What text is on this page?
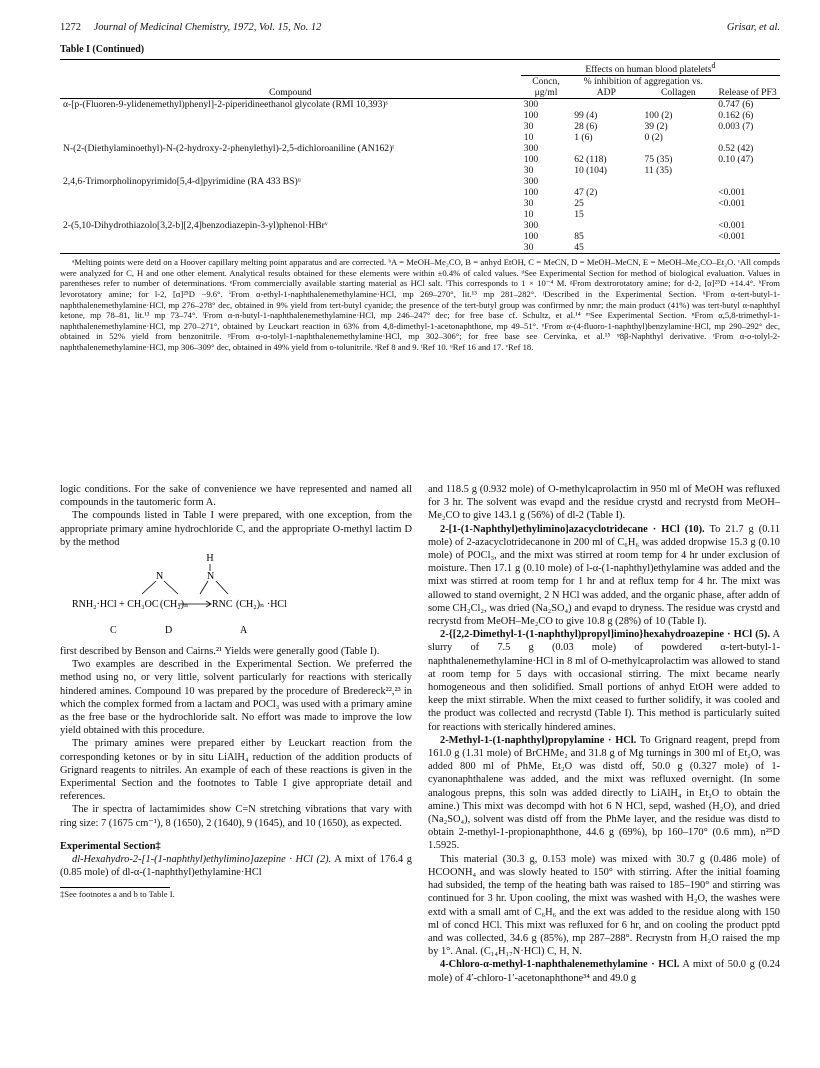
1272 Journal of Medicinal Chemistry, 1972, Vol. 15, No. 12	Grisar, et al.
Table I (Continued)
Compound	Effects on human blood platelets$^d$
	Concn, μg/ml	% inhibition of aggregation vs.		Release of PF3
		ADP	Collagen	
α-[p-(Fluoren-9-ylidenemethyl)phenyl]-2-piperidineethanol glycolate (RMI 10,393)ˢ	300			0.747 (6)
	100	99 (4)	100 (2)	0.162 (6)
	30	28 (6)	39 (2)	0.003 (7)
	10	1 (6)	0 (2)	
N-(2-(Diethylaminoethyl)-N-(2-hydroxy-2-phenylethyl)-2,5-dichloroaniline (AN162)ᵗ	300			0.52 (42)
	100	62 (118)	75 (35)	0.10 (47)
	30	10 (104)	11 (35)	
2,4,6-Trimorpholinopyrimido[5,4-d]pyrimidine (RA 433 BS)ᵘ	300			
	100	47 (2)		<0.001
	30	25		<0.001
	10	15		
2-(5,10-Dihydrothiazolo[3,2-b][2,4]benzodiazepin-3-yl)phenol·HBrᵛ	300			<0.001
	100	85		<0.001
	30	45		
ᵃMelting points were detd on a Hoover capillary melting point apparatus and are corrected. ᵇA = MeOH–Me₂CO, B = anhyd EtOH, C = MeCN, D = MeOH–MeCN, E = MeOH–Me₂CO–Et₂O. ᶜAll compds were analyzed for C, H and one other element. Analytical results obtained for these elements were within ±0.4% of calcd values. ᵈSee Experimental Section for method of biological evaluation. Values in parentheses refer to number of determinations. ᵉFrom commercially available starting material as HCl salt. ᶠThis corresponds to 1 × 10⁻⁴ M. ᵍFrom dextrorotatory amine; for d-2, [α]²⁵D +14.4°. ʰFrom levorotatory amine; for l-2, [α]²⁵D −9.6°. ⁱFrom α-ethyl-1-naphthalenemethylamine·HCl, mp 269–270°, lit.¹³ mp 281–282°. ʲDescribed in the Experimental Section. ᵏFrom α-tert-butyl-1-naphthalenemethylamine·HCl, mp 276–278° dec, obtained in 9% yield from tert-butyl cyanide; the presence of the tert-butyl group was confirmed by nmr; the main product (41%) was tert-butyl α-naphthyl ketone, mp 78–81, lit.¹³ mp 73–74°. ˡFrom α-n-butyl-1-naphthalenemethylamine·HCl, mp 246–247° dec; for free base cf. Schultz, et al.¹⁴ ᵐSee Experimental Section. ⁿFrom α,5,8-trimethyl-1-naphthalenemethylamine·HCl, mp 270–271°, obtained by Leuckart reaction in 63% from 4,8-dimethyl-1-acetonaphthone, mp 49–51°. ᵒFrom α-(4-fluoro-1-naphthyl)benzylamine·HCl, mp 290–292° dec, obtained in 52% yield from benzonitrile. ᵖFrom α-o-tolyl-1-naphthalenemethylamine·HCl, mp 302–306°; for free base see Cervinka, et al.¹⁵ ᵠ8β-Naphthyl derivative. ʳFrom α-o-tolyl-2-naphthalenemethylamine·HCl, mp 306–309° dec, obtained in 49% yield from o-tolunitrile. ˢRef 8 and 9. ᵗRef 10. ᵘRef 16 and 17. ᵛRef 18.

logic conditions. For the sake of convenience we have represented and named all compounds in the tautomeric form A.

The compounds listed in Table I were prepared, with one exception, from the appropriate primary amine hydrochloride C, and the appropriate O-methyl lactim D by the method

H
N	N
RNH₂·HCl + CH₃OC (CH₂)ₙ RNC (CH₂)ₙ ·HCl
C	D	A

first described by Benson and Cairns.²¹ Yields were generally good (Table I).

Two examples are described in the Experimental Section. We preferred the method using no, or very little, solvent particularly for reactions with sterically hindered amines. Compound 10 was prepared by the procedure of Bredereck²²,²³ in which the complex formed from a lactam and POCl₃ was used with a primary amine as the free base or the hydrochloride salt. No effort was made to improve the low yield obtained with this procedure.

The primary amines were prepared either by Leuckart reaction from the corresponding ketones or by in situ LiAlH₄ reduction of the addition products of Grignard reagents to nitriles. An example of each of these reactions is given in the Experimental Section and the footnotes to Table I give appropriate detail and references.

The ir spectra of lactamimides show C=N stretching vibrations that vary with ring size: 7 (1675 cm⁻¹), 8 (1650), 2 (1640), 9 (1645), and 10 (1650), as expected.

Experimental Section‡

dl-Hexahydro-2-[1-(1-naphthyl)ethylimino]azepine · HCl (2). A mixt of 176.4 g (0.85 mole) of dl-α-(1-naphthyl)ethylamine·HCl

‡See footnotes a and b to Table I.

and 118.5 g (0.932 mole) of O-methylcaprolactim in 950 ml of MeOH was refluxed for 3 hr. The solvent was evapd and the residue crystd and recrystd from MeOH–Me₂CO to give 143.1 g (56%) of dl-2 (Table I).

2-[1-(1-Naphthyl)ethylimino]azacyclotridecane · HCl (10). To 21.7 g (0.11 mole) of 2-azacyclotridecanone in 200 ml of C₆H₆ was added dropwise 15.3 g (0.10 mole) of POCl₃, and the mixt was stirred at room temp for 4 hr under exclusion of moisture. Then 17.1 g (0.10 mole) of l-α-(1-naphthyl)ethylamine was added and the mixt was stirred at room temp for 1 hr and at reflux temp for 4 hr. The mixt was allowed to stand overnight, 2 N HCl was added, and the organic phase, after addn of some CH₂Cl₂, was dried (Na₂SO₄) and evapd to dryness. The residue was crystd and recrystd from MeOH–Me₂CO to give 10.8 g (28%) of 10 (Table I).

2-{[2,2-Dimethyl-1-(1-naphthyl)propyl]imino}hexahydroazepine · HCl (5). A slurry of 7.5 g (0.03 mole) of powdered α-tert-butyl-1-naphthalenemethylamine·HCl in 8 ml of O-methylcaprolactim was allowed to stand at room temp for 5 days with occasional stirring. The mixt became nearly homogeneous and then solidified. Small portions of anhyd EtOH were added to keep the mixt stirrable. When the mixt ceased to further solidify, it was cooled and the product was collected and recrystd (Table I). This method is particularly suited for reactions with sterically hindered amines.

2-Methyl-1-(1-naphthyl)propylamine · HCl. To Grignard reagent, prepd from 161.0 g (1.31 mole) of BrCHMe₂ and 31.8 g of Mg turnings in 300 ml of Et₂O, was added 800 ml of PhMe, Et₂O was distd off, 50.0 g (0.327 mole) of 1-cyanonaphthalene was added, and the mixt was refluxed overnight. (In some analogous prepns, this soln was added directly to LiAlH₄ in Et₂O to obtain the amine.) This mixt was decompd with hot 6 N HCl, sepd, washed (H₂O), and dried (Na₂SO₄), solvent was distd off from the PhMe layer, and the residue was distd to obtain 2-methyl-1-propionaphthone, 44.6 g (69%), bp 160–170° (0.6 mm), n²⁵D 1.5925.

This material (30.3 g, 0.153 mole) was mixed with 30.7 g (0.486 mole) of HCOONH₄ and was slowly heated to 150° with stirring. After the initial foaming had subsided, the temp of the heating bath was raised to 185–190° and stirring was continued for 3 hr. Upon cooling, the mixt was washed with H₂O, the washes were extd with a small amt of C₆H₆ and the ext was added to the residue along with 150 ml of concd HCl. This mixt was refluxed for 6 hr, and on cooling the product pptd and was collected, 34.6 g (85%), mp 287–288°. Recrystn from H₂O raised the mp by 1°. Anal. (C₁₄H₁₇N·HCl) C, H, N.

4-Chloro-α-methyl-1-naphthalenemethylamine · HCl. A mixt of 50.0 g (0.24 mole) of 4′-chloro-1′-acetonaphthone³⁴ and 49.0 g
